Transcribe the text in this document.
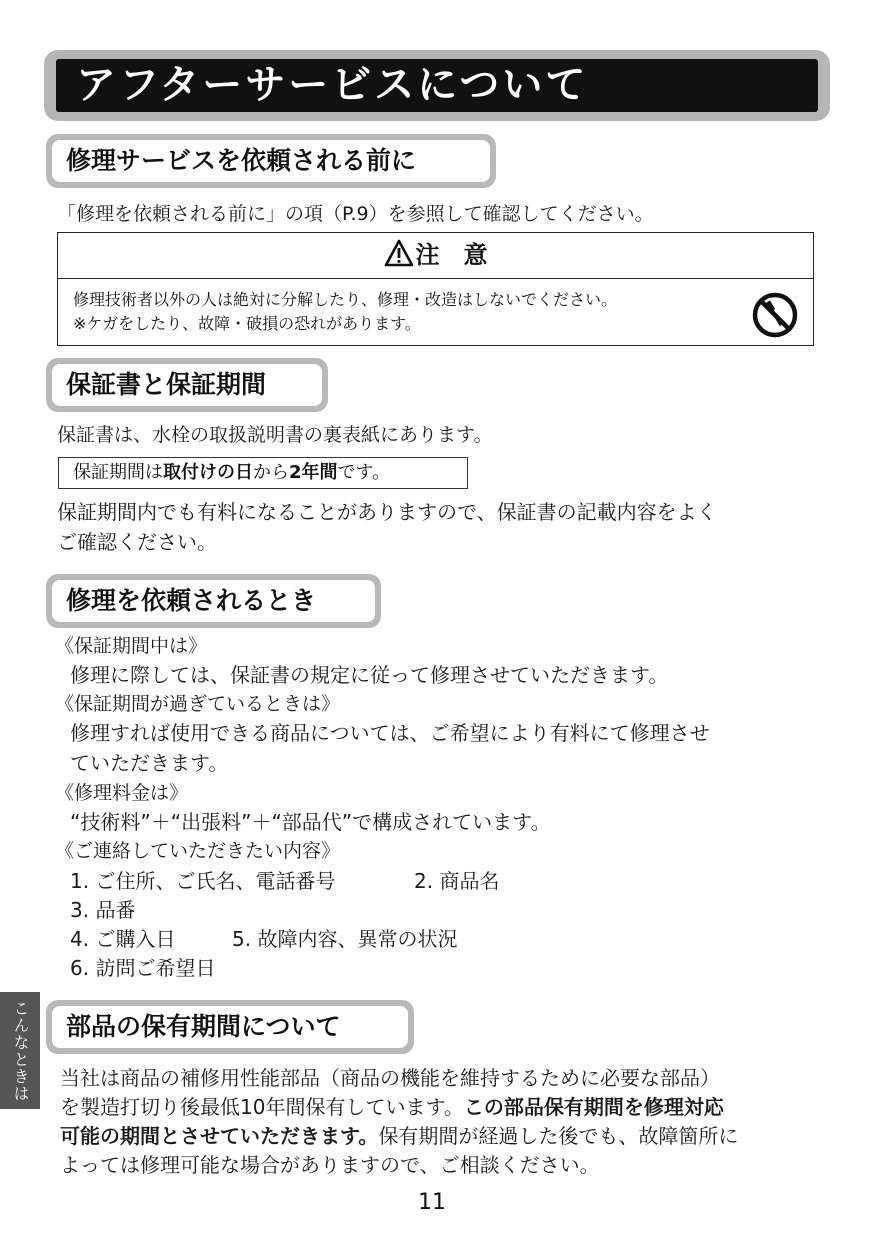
アフターサービスについて
修理サービスを依頼される前に
「修理を依頼される前に」の項（P.9）を参照して確認してください。
注　意
修理技術者以外の人は絶対に分解したり、修理・改造はしないでください。
※ケガをしたり、故障・破損の恐れがあります。
保証書と保証期間
保証書は、水栓の取扱説明書の裏表紙にあります。
保証期間は取付けの日から2年間です。
保証期間内でも有料になることがありますので、保証書の記載内容をよく
ご確認ください。
修理を依頼されるとき
《保証期間中は》
修理に際しては、保証書の規定に従って修理させていただきます。
《保証期間が過ぎているときは》
修理すれば使用できる商品については、ご希望により有料にて修理させ
ていただきます。
《修理料金は》
“技術料”＋“出張料”＋“部品代”で構成されています。
《ご連絡していただきたい内容》
1. ご住所、ご氏名、電話番号	2. 商品名
3. 品番
4. ご購入日	5. 故障内容、異常の状況
6. 訪問ご希望日
こんなときは	部品の保有期間について
当社は商品の補修用性能部品（商品の機能を維持するために必要な部品）
を製造打切り後最低10年間保有しています。この部品保有期間を修理対応
可能の期間とさせていただきます。保有期間が経過した後でも、故障箇所に
よっては修理可能な場合がありますので、ご相談ください。
11
